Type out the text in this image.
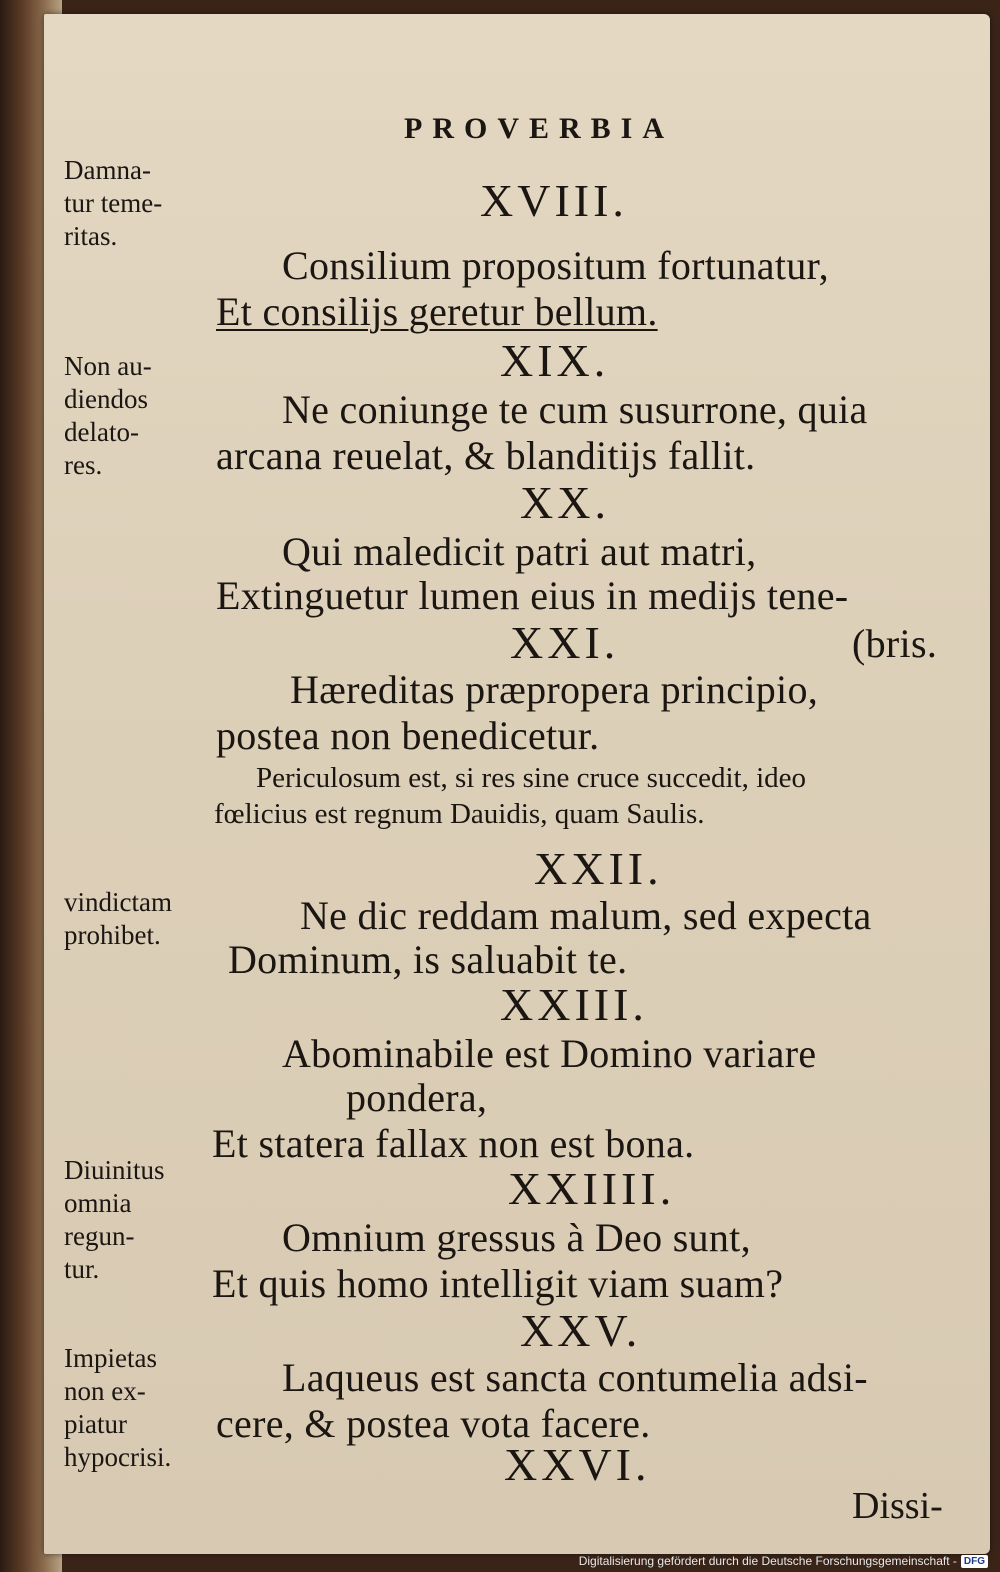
PROVERBIA
XVIII.
Consilium propositum fortunatur,
Et consilijs geretur bellum.
XIX.
Ne coniunge te cum susurrone, quia
arcana reuelat, & blanditijs fallit.
XX.
Qui maledicit patri aut matri,
Extinguetur lumen eius in medijs tene-
XXI.	(bris.
Hæreditas præpropera principio,
postea non benedicetur.
Periculosum est, si res sine cruce succedit, ideo
fœlicius est regnum Dauidis, quam Saulis.
XXII.
Ne dic reddam malum, sed expecta
Dominum, is saluabit te.
XXIII.
Abominabile est Domino variare
pondera,
Et statera fallax non est bona.
XXIIII.
Omnium gressus à Deo sunt,
Et quis homo intelligit viam suam?
XXV.
Laqueus est sancta contumelia adsi-
cere, & postea vota facere.
XXVI.
Damna-
tur teme-
ritas.
Non au-
diendos
delato-
res.
vindictam
prohibet.
Diuinitus
omnia
regun-
tur.
Impietas
non ex-
piatur
hypocrisi.
Dissi-
Digitalisierung gefördert durch die Deutsche Forschungsgemeinschaft - DFG
